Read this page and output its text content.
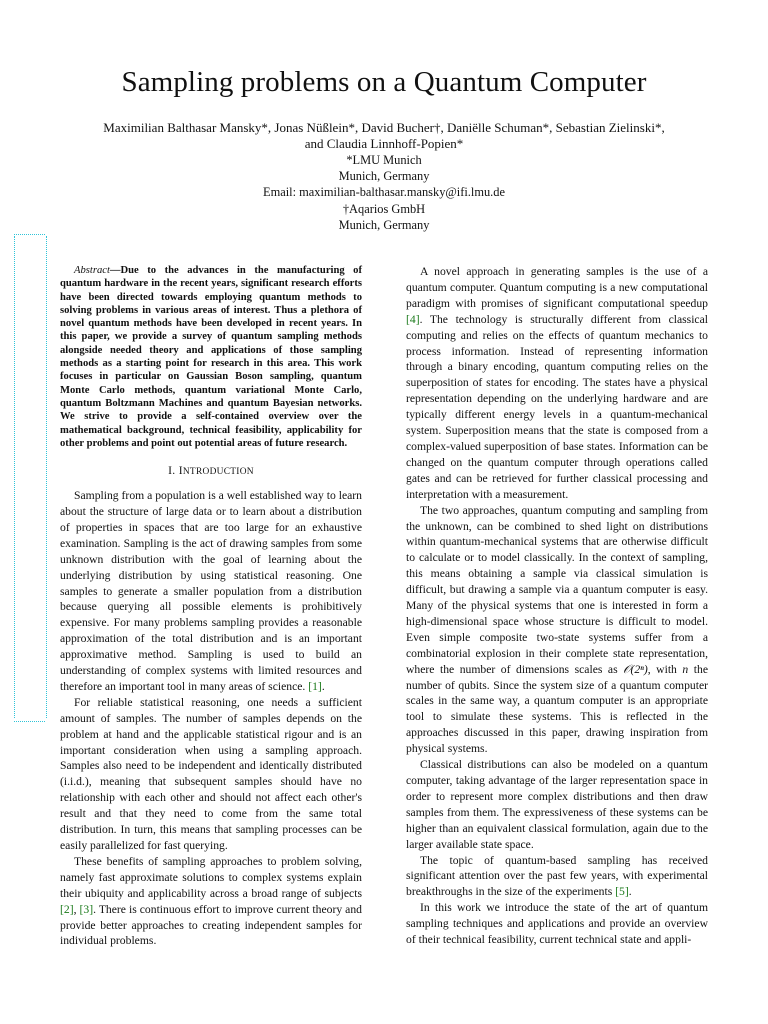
Sampling problems on a Quantum Computer
Maximilian Balthasar Mansky*, Jonas Nüßlein*, David Bucher†, Daniëlle Schuman*, Sebastian Zielinski*,
and Claudia Linnhoff-Popien*
*LMU Munich
Munich, Germany
Email: maximilian-balthasar.mansky@ifi.lmu.de
†Aqarios GmbH
Munich, Germany

Abstract—Due to the advances in the manufacturing of quantum hardware in the recent years, significant research efforts have been directed towards employing quantum methods to solving problems in various areas of interest. Thus a plethora of novel quantum methods have been developed in recent years. In this paper, we provide a survey of quantum sampling methods alongside needed theory and applications of those sampling methods as a starting point for research in this area. This work focuses in particular on Gaussian Boson sampling, quantum Monte Carlo methods, quantum variational Monte Carlo, quantum Boltzmann Machines and quantum Bayesian networks. We strive to provide a self-contained overview over the mathematical background, technical feasibility, applicability for other problems and point out potential areas of future research.

I. INTRODUCTION

Sampling from a population is a well established way to learn about the structure of large data or to learn about a distribution of properties in spaces that are too large for an exhaustive examination. Sampling is the act of drawing samples from some unknown distribution with the goal of learning about the underlying distribution by using statistical reasoning. One samples to generate a smaller population from a distribution because querying all possible elements is prohibitively expensive. For many problems sampling provides a reasonable approximation of the total distribution and is an important approximative method. Sampling is used to build an understanding of complex systems with limited resources and therefore an important tool in many areas of science. [1].

For reliable statistical reasoning, one needs a sufficient amount of samples. The number of samples depends on the problem at hand and the applicable statistical rigour and is an important consideration when using a sampling approach. Samples also need to be independent and identically distributed (i.i.d.), meaning that subsequent samples should have no relationship with each other and should not affect each other's result and that they need to come from the same total distribution. In turn, this means that sampling processes can be easily parallelized for fast querying.

These benefits of sampling approaches to problem solving, namely fast approximate solutions to complex systems explain their ubiquity and applicability across a broad range of subjects [2], [3]. There is continuous effort to improve current theory and provide better approaches to creating independent samples for individual problems.

A novel approach in generating samples is the use of a quantum computer. Quantum computing is a new computational paradigm with promises of significant computational speedup [4]. The technology is structurally different from classical computing and relies on the effects of quantum mechanics to process information. Instead of representing information through a binary encoding, quantum computing relies on the superposition of states for encoding. The states have a physical representation depending on the underlying hardware and are typically different energy levels in a quantum-mechanical system. Superposition means that the state is composed from a complex-valued superposition of base states. Information can be changed on the quantum computer through operations called gates and can be retrieved for further classical processing and interpretation with a measurement.

The two approaches, quantum computing and sampling from the unknown, can be combined to shed light on distributions within quantum-mechanical systems that are otherwise difficult to calculate or to model classically. In the context of sampling, this means obtaining a sample via classical simulation is difficult, but drawing a sample via a quantum computer is easy. Many of the physical systems that one is interested in form a high-dimensional space whose structure is difficult to model. Even simple composite two-state systems suffer from a combinatorial explosion in their complete state representation, where the number of dimensions scales as 𝒪(2ⁿ), with n the number of qubits. Since the system size of a quantum computer scales in the same way, a quantum computer is an appropriate tool to simulate these systems. This is reflected in the approaches discussed in this paper, drawing inspiration from physical systems.

Classical distributions can also be modeled on a quantum computer, taking advantage of the larger representation space in order to represent more complex distributions and then draw samples from them. The expressiveness of these systems can be higher than an equivalent classical formulation, again due to the larger available state space.

The topic of quantum-based sampling has received significant attention over the past few years, with experimental breakthroughs in the size of the experiments [5].

In this work we introduce the state of the art of quantum sampling techniques and applications and provide an overview of their technical feasibility, current technical state and appli-
